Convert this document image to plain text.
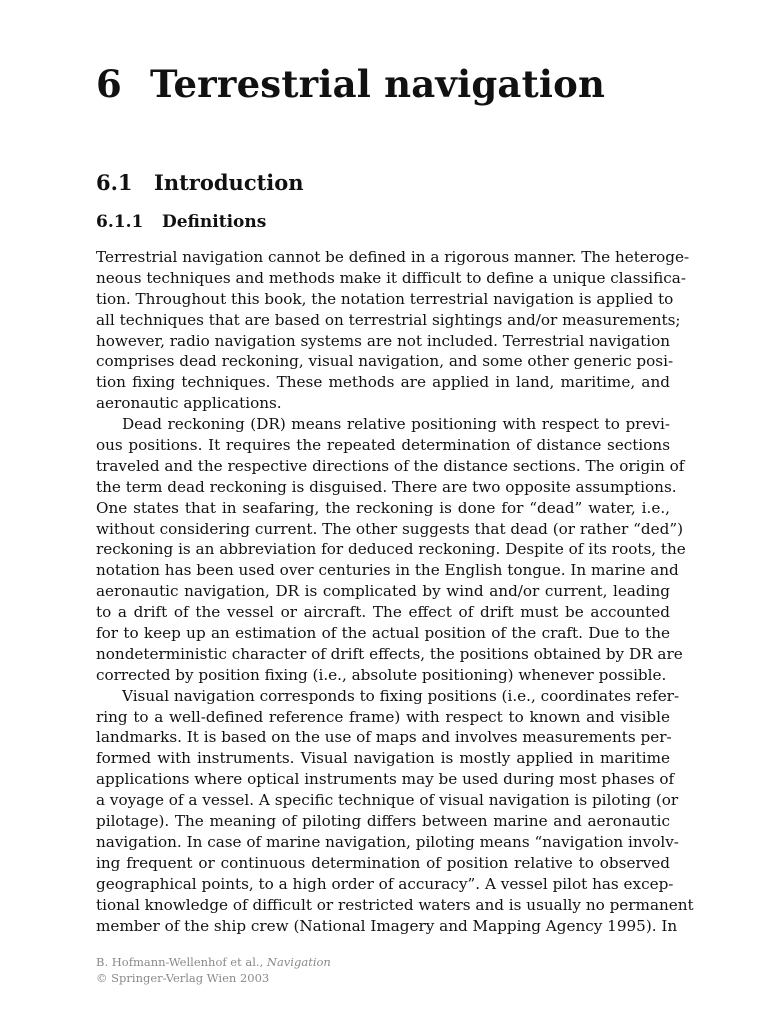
6 Terrestrial navigation
6.1 Introduction
6.1.1 Definitions
Terrestrial navigation cannot be defined in a rigorous manner. The heteroge-
neous techniques and methods make it difficult to define a unique classifica-
tion. Throughout this book, the notation terrestrial navigation is applied to
all techniques that are based on terrestrial sightings and/or measurements;
however, radio navigation systems are not included. Terrestrial navigation
comprises dead reckoning, visual navigation, and some other generic posi-
tion fixing techniques. These methods are applied in land, maritime, and
aeronautic applications.
Dead reckoning (DR) means relative positioning with respect to previ-
ous positions. It requires the repeated determination of distance sections
traveled and the respective directions of the distance sections. The origin of
the term dead reckoning is disguised. There are two opposite assumptions.
One states that in seafaring, the reckoning is done for “dead” water, i.e.,
without considering current. The other suggests that dead (or rather “ded”)
reckoning is an abbreviation for deduced reckoning. Despite of its roots, the
notation has been used over centuries in the English tongue. In marine and
aeronautic navigation, DR is complicated by wind and/or current, leading
to a drift of the vessel or aircraft. The effect of drift must be accounted
for to keep up an estimation of the actual position of the craft. Due to the
nondeterministic character of drift effects, the positions obtained by DR are
corrected by position fixing (i.e., absolute positioning) whenever possible.
Visual navigation corresponds to fixing positions (i.e., coordinates refer-
ring to a well-defined reference frame) with respect to known and visible
landmarks. It is based on the use of maps and involves measurements per-
formed with instruments. Visual navigation is mostly applied in maritime
applications where optical instruments may be used during most phases of
a voyage of a vessel. A specific technique of visual navigation is piloting (or
pilotage). The meaning of piloting differs between marine and aeronautic
navigation. In case of marine navigation, piloting means “navigation involv-
ing frequent or continuous determination of position relative to observed
geographical points, to a high order of accuracy”. A vessel pilot has excep-
tional knowledge of difficult or restricted waters and is usually no permanent
member of the ship crew (National Imagery and Mapping Agency 1995). In
B. Hofmann-Wellenhof et al., Navigation
© Springer-Verlag Wien 2003
